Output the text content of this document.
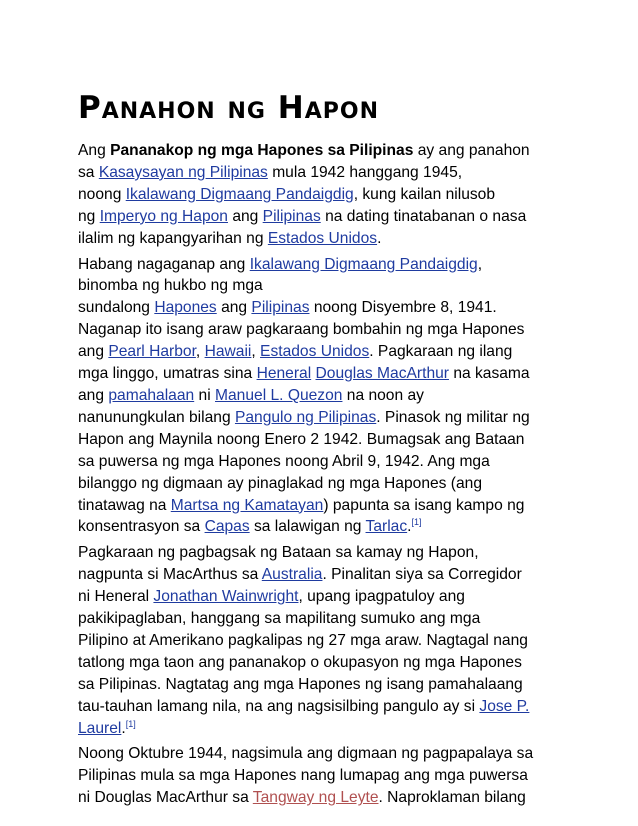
Panahon ng Hapon
Ang Pananakop ng mga Hapones sa Pilipinas ay ang panahon
sa Kasaysayan ng Pilipinas mula 1942 hanggang 1945,
noong Ikalawang Digmaang Pandaigdig, kung kailan nilusob
ng Imperyo ng Hapon ang Pilipinas na dating tinatabanan o nasa
ilalim ng kapangyarihan ng Estados Unidos.
Habang nagaganap ang Ikalawang Digmaang Pandaigdig,
binomba ng hukbo ng mga
sundalong Hapones ang Pilipinas noong Disyembre 8, 1941.
Naganap ito isang araw pagkaraang bombahin ng mga Hapones
ang Pearl Harbor, Hawaii, Estados Unidos. Pagkaraan ng ilang
mga linggo, umatras sina Heneral Douglas MacArthur na kasama
ang pamahalaan ni Manuel L. Quezon na noon ay
nanunungkulan bilang Pangulo ng Pilipinas. Pinasok ng militar ng
Hapon ang Maynila noong Enero 2 1942. Bumagsak ang Bataan
sa puwersa ng mga Hapones noong Abril 9, 1942. Ang mga
bilanggo ng digmaan ay pinaglakad ng mga Hapones (ang
tinatawag na Martsa ng Kamatayan) papunta sa isang kampo ng
konsentrasyon sa Capas sa lalawigan ng Tarlac.[1]
Pagkaraan ng pagbagsak ng Bataan sa kamay ng Hapon,
nagpunta si MacArthus sa Australia. Pinalitan siya sa Corregidor
ni Heneral Jonathan Wainwright, upang ipagpatuloy ang
pakikipaglaban, hanggang sa mapilitang sumuko ang mga
Pilipino at Amerikano pagkalipas ng 27 mga araw. Nagtagal nang
tatlong mga taon ang pananakop o okupasyon ng mga Hapones
sa Pilipinas. Nagtatag ang mga Hapones ng isang pamahalaang
tau-tauhan lamang nila, na ang nagsisilbing pangulo ay si Jose P.
Laurel.[1]
Noong Oktubre 1944, nagsimula ang digmaan ng pagpapalaya sa
Pilipinas mula sa mga Hapones nang lumapag ang mga puwersa
ni Douglas MacArthur sa Tangway ng Leyte. Naproklaman bilang
